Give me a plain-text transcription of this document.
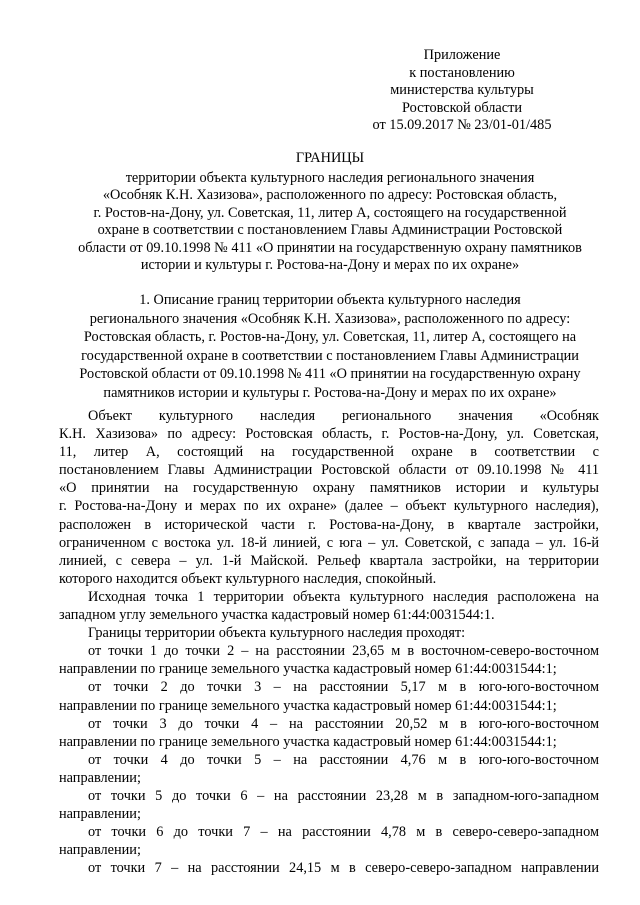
Приложение
к постановлению
министерства культуры
Ростовской области
от 15.09.2017 № 23/01-01/485
ГРАНИЦЫ
территории объекта культурного наследия регионального значения
«Особняк К.Н. Хазизова», расположенного по адресу: Ростовская область,
г. Ростов-на-Дону, ул. Советская, 11, литер А, состоящего на государственной
охране в соответствии с постановлением Главы Администрации Ростовской
области от 09.10.1998 № 411 «О принятии на государственную охрану памятников
истории и культуры г. Ростова-на-Дону и мерах по их охране»
1. Описание границ территории объекта культурного наследия
регионального значения «Особняк К.Н. Хазизова», расположенного по адресу:
Ростовская область, г. Ростов-на-Дону, ул. Советская, 11, литер А, состоящего на
государственной охране в соответствии с постановлением Главы Администрации
Ростовской области от 09.10.1998 № 411 «О принятии на государственную охрану
памятников истории и культуры г. Ростова-на-Дону и мерах по их охране»
Объект культурного наследия регионального значения «Особняк
К.Н. Хазизова» по адресу: Ростовская область, г. Ростов-на-Дону, ул. Советская,
11, литер А, состоящий на государственной охране в соответствии с
постановлением Главы Администрации Ростовской области от 09.10.1998 № 411
«О принятии на государственную охрану памятников истории и культуры
г. Ростова-на-Дону и мерах по их охране» (далее – объект культурного наследия),
расположен в исторической части г. Ростова-на-Дону, в квартале застройки,
ограниченном с востока ул. 18-й линией, с юга – ул. Советской, с запада – ул. 16-й
линией, с севера – ул. 1-й Майской. Рельеф квартала застройки, на территории
которого находится объект культурного наследия, спокойный.
Исходная точка 1 территории объекта культурного наследия расположена на
западном углу земельного участка кадастровый номер 61:44:0031544:1.
Границы территории объекта культурного наследия проходят:
от точки 1 до точки 2 – на расстоянии 23,65 м в восточном-северо-восточном
направлении по границе земельного участка кадастровый номер 61:44:0031544:1;
от точки 2 до точки 3 – на расстоянии 5,17 м в юго-юго-восточном
направлении по границе земельного участка кадастровый номер 61:44:0031544:1;
от точки 3 до точки 4 – на расстоянии 20,52 м в юго-юго-восточном
направлении по границе земельного участка кадастровый номер 61:44:0031544:1;
от точки 4 до точки 5 – на расстоянии 4,76 м в юго-юго-восточном
направлении;
от точки 5 до точки 6 – на расстоянии 23,28 м в западном-юго-западном
направлении;
от точки 6 до точки 7 – на расстоянии 4,78 м в северо-северо-западном
направлении;
от точки 7 – на расстоянии 24,15 м в северо-северо-западном направлении
